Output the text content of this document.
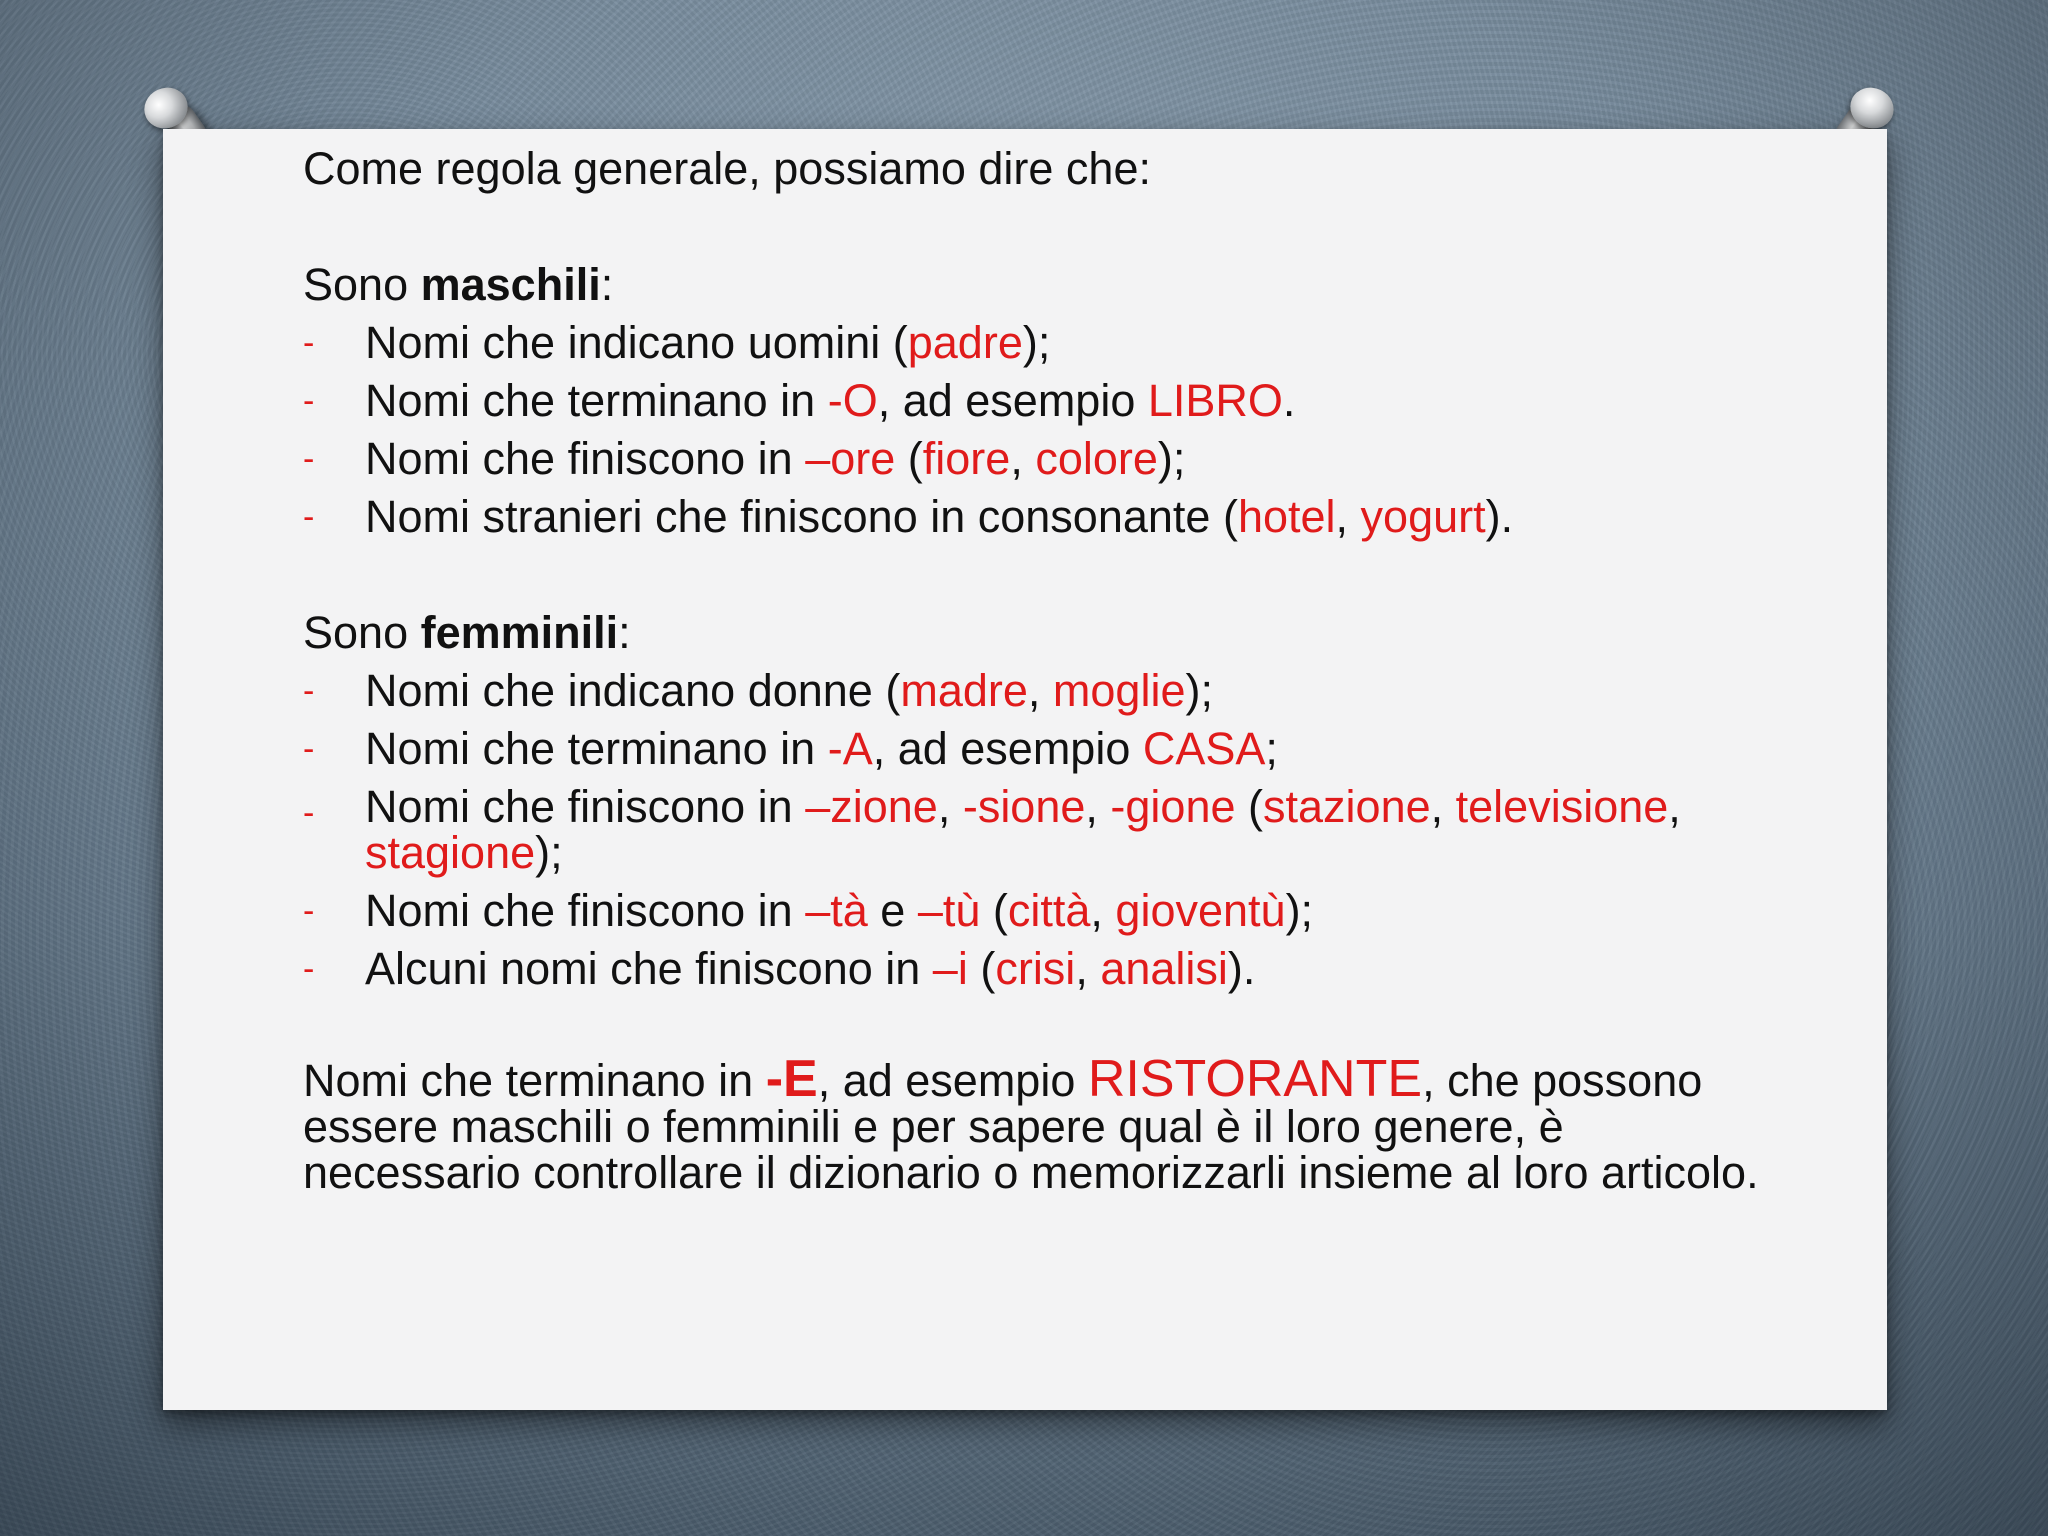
Come regola generale, possiamo dire che:

Sono maschili:

- Nomi che indicano uomini (padre);
- Nomi che terminano in -O, ad esempio LIBRO.
- Nomi che finiscono in –ore (fiore, colore);
- Nomi stranieri che finiscono in consonante (hotel, yogurt).

Sono femminili:

- Nomi che indicano donne (madre, moglie);
- Nomi che terminano in -A, ad esempio CASA;
- Nomi che finiscono in –zione, -sione, -gione (stazione, televisione, stagione);
- Nomi che finiscono in –tà e –tù (città, gioventù);
- Alcuni nomi che finiscono in –i (crisi, analisi).

Nomi che terminano in -E, ad esempio RISTORANTE, che possono essere maschili o femminili e per sapere qual è il loro genere, è necessario controllare il dizionario o memorizzarli insieme al loro articolo.
